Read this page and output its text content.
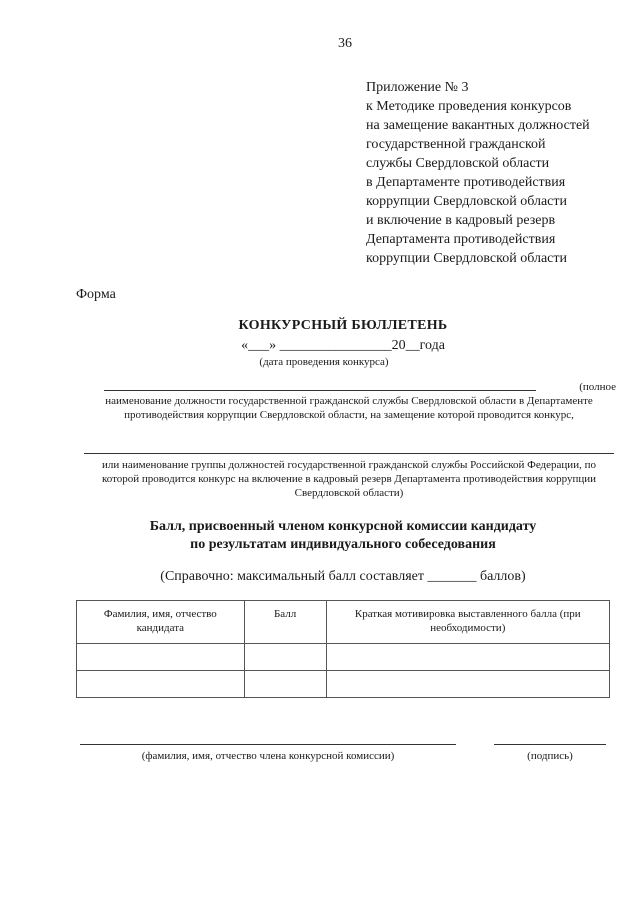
36
Приложение № 3
к Методике проведения конкурсов
на замещение вакантных должностей
государственной гражданской
службы Свердловской области
в Департаменте противодействия
коррупции Свердловской области
и включение в кадровый резерв
Департамента противодействия
коррупции Свердловской области
Форма
КОНКУРСНЫЙ БЮЛЛЕТЕНЬ
«___» ________________20__года
(дата проведения конкурса)
(полное
наименование должности государственной гражданской службы Свердловской области в Департаменте противодействия коррупции Свердловской области, на замещение которой проводится конкурс,
или наименование группы должностей государственной гражданской службы Российской Федерации, по которой проводится конкурс на включение в кадровый резерв Департамента противодействия коррупции Свердловской области)
Балл, присвоенный членом конкурсной комиссии кандидату
по результатам индивидуального собеседования
(Справочно: максимальный балл составляет _______ баллов)
Фамилия, имя, отчество кандидата	Балл	Краткая мотивировка выставленного балла (при необходимости)

(фамилия, имя, отчество члена конкурсной комиссии)	(подпись)
